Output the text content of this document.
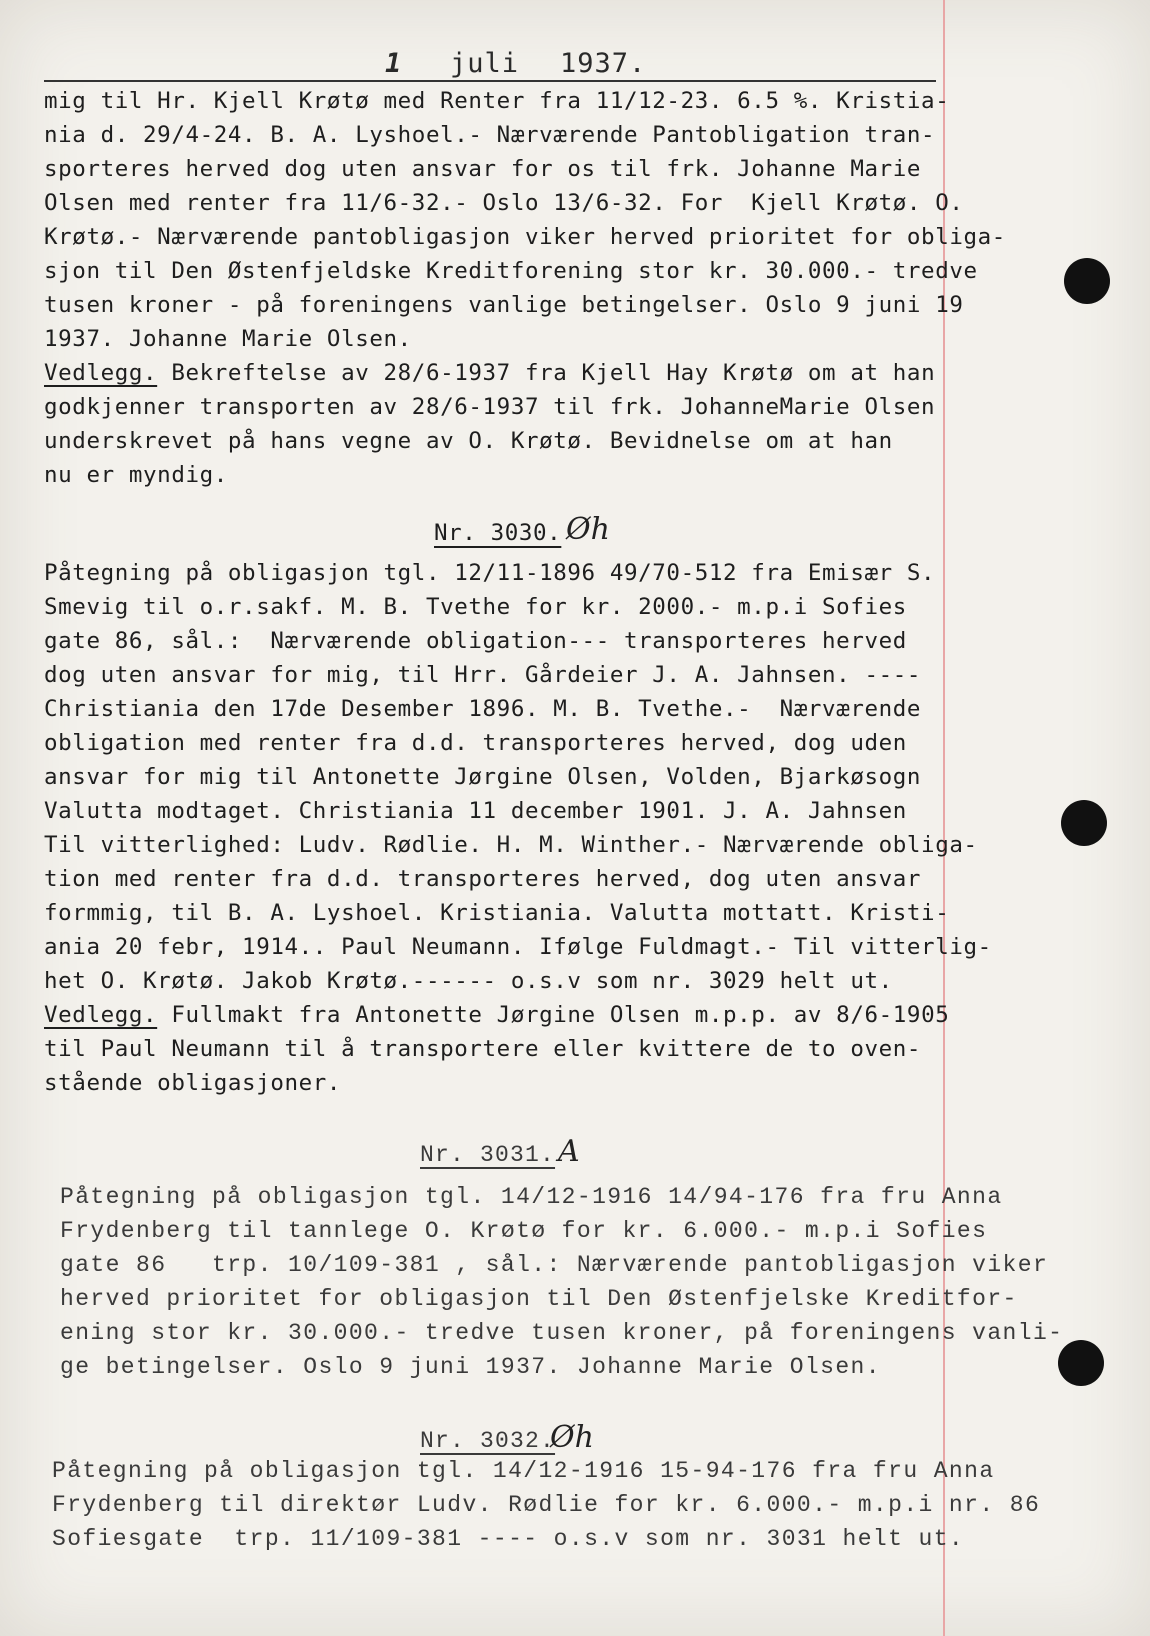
1 juli 1937.
mig til Hr. Kjell Krøtø med Renter fra 11/12-23. 6.5 %. Kristia-
nia d. 29/4-24. B. A. Lyshoel.- Nærværende Pantobligation tran-
sporteres herved dog uten ansvar for os til frk. Johanne Marie
Olsen med renter fra 11/6-32.- Oslo 13/6-32. For  Kjell Krøtø. O.
Krøtø.- Nærværende pantobligasjon viker herved prioritet for obliga-
sjon til Den Østenfjeldske Kreditforening stor kr. 30.000.- tredve
tusen kroner - på foreningens vanlige betingelser. Oslo 9 juni 19
1937. Johanne Marie Olsen.
Vedlegg. Bekreftelse av 28/6-1937 fra Kjell Hay Krøtø om at han
godkjenner transporten av 28/6-1937 til frk. JohanneMarie Olsen
underskrevet på hans vegne av O. Krøtø. Bevidnelse om at han
nu er myndig.
Nr. 3030. Øh
Påtegning på obligasjon tgl. 12/11-1896 49/70-512 fra Emisær S.
Smevig til o.r.sakf. M. B. Tvethe for kr. 2000.- m.p.i Sofies
gate 86, sål.:  Nærværende obligation--- transporteres herved
dog uten ansvar for mig, til Hrr. Gårdeier J. A. Jahnsen. ----
Christiania den 17de Desember 1896. M. B. Tvethe.-  Nærværende
obligation med renter fra d.d. transporteres herved, dog uden
ansvar for mig til Antonette Jørgine Olsen, Volden, Bjarkøsogn
Valutta modtaget. Christiania 11 december 1901. J. A. Jahnsen
Til vitterlighed: Ludv. Rødlie. H. M. Winther.- Nærværende obliga-
tion med renter fra d.d. transporteres herved, dog uten ansvar
formmig, til B. A. Lyshoel. Kristiania. Valutta mottatt. Kristi-
ania 20 febr, 1914.. Paul Neumann. Ifølge Fuldmagt.- Til vitterlig-
het O. Krøtø. Jakob Krøtø.------ o.s.v som nr. 3029 helt ut.
Vedlegg. Fullmakt fra Antonette Jørgine Olsen m.p.p. av 8/6-1905
til Paul Neumann til å transportere eller kvittere de to oven-
stående obligasjoner.
Nr. 3031. A
Påtegning på obligasjon tgl. 14/12-1916 14/94-176 fra fru Anna
Frydenberg til tannlege O. Krøtø for kr. 6.000.- m.p.i Sofies
gate 86   trp. 10/109-381 , sål.: Nærværende pantobligasjon viker
herved prioritet for obligasjon til Den Østenfjelske Kreditfor-
ening stor kr. 30.000.- tredve tusen kroner, på foreningens vanli-
ge betingelser. Oslo 9 juni 1937. Johanne Marie Olsen.
Nr. 3032.
Øh
Påtegning på obligasjon tgl. 14/12-1916 15-94-176 fra fru Anna
Frydenberg til direktør Ludv. Rødlie for kr. 6.000.- m.p.i nr. 86
Sofiesgate  trp. 11/109-381 ---- o.s.v som nr. 3031 helt ut.
